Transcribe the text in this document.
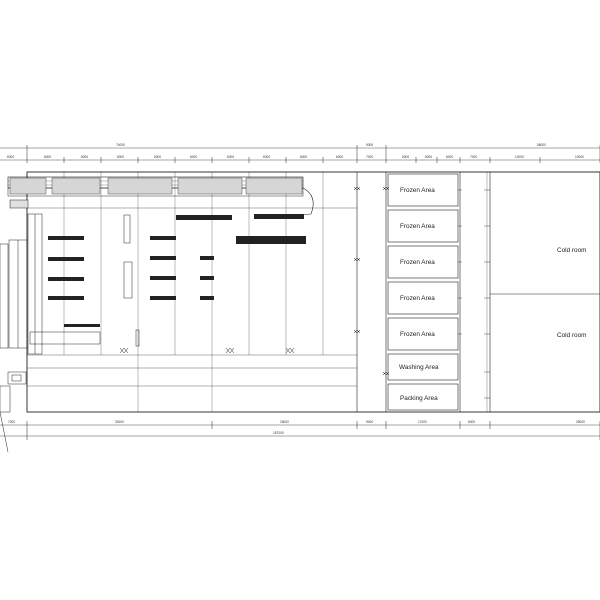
74000	9000	56000
6000	6000	6000	6000	6000	6000	6000	6000	6000	6000	7000	6000	6000	6000	7000	10000	10000
Frozen Area
Frozen Area
Frozen Area
Frozen Area
Frozen Area
Washing Area
Packing Area
Cold room
Cold room
7000	30000	18000	9000	17000	6000	25000
187000
